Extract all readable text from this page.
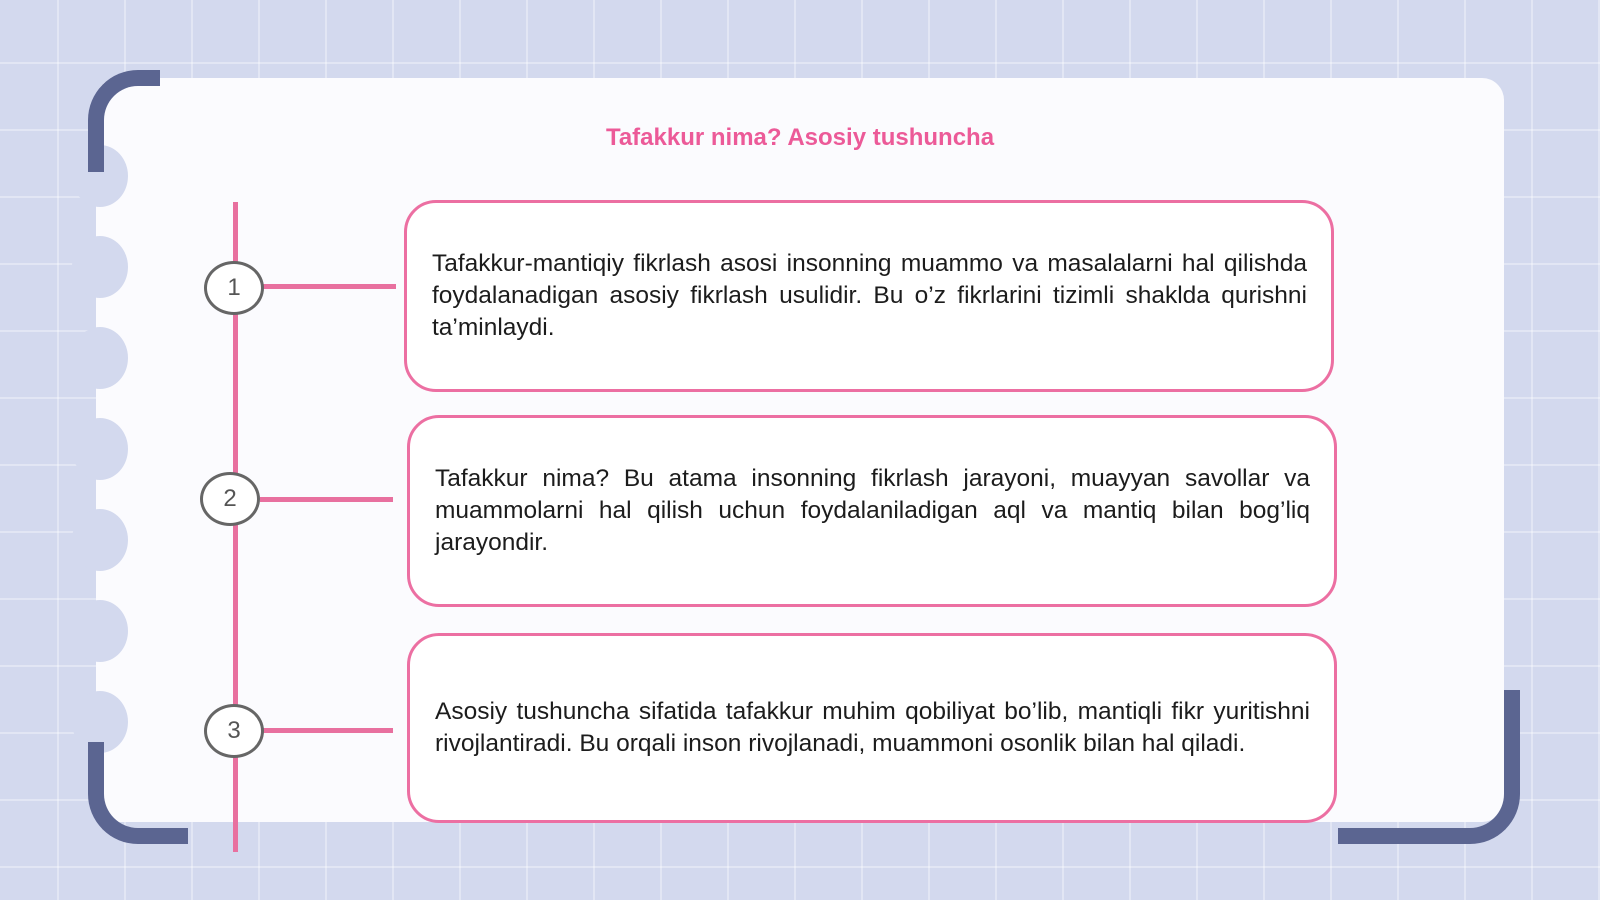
Tafakkur nima? Asosiy tushuncha
1

Tafakkur-mantiqiy fikrlash asosi insonning muammo va masalalarni hal qilishda foydalanadigan asosiy fikrlash usulidir. Bu o’z fikrlarini tizimli shaklda qurishni ta’minlaydi.

2

Tafakkur nima? Bu atama insonning fikrlash jarayoni, muayyan savollar va muammolarni hal qilish uchun foydalaniladigan aql va mantiq bilan bog’liq jarayondir.

3

Asosiy tushuncha sifatida tafakkur muhim qobiliyat bo’lib, mantiqli fikr yuritishni rivojlantiradi. Bu orqali inson rivojlanadi, muammoni osonlik bilan hal qiladi.
